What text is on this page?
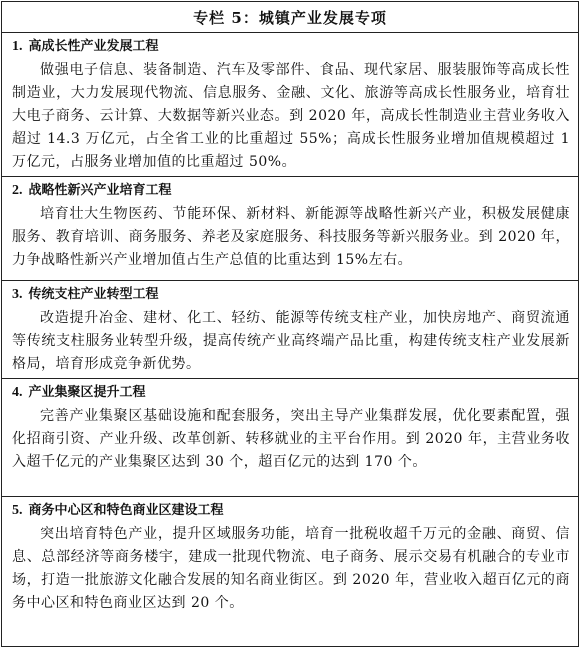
专栏 5：城镇产业发展专项
1. 高成长性产业发展工程
做强电子信息、装备制造、汽车及零部件、食品、现代家居、服装服饰等高成长性制造业，大力发展现代物流、信息服务、金融、文化、旅游等高成长性服务业，培育壮大电子商务、云计算、大数据等新兴业态。到 2020 年，高成长性制造业主营业务收入超过 14.3 万亿元，占全省工业的比重超过 55%；高成长性服务业增加值规模超过 1 万亿元，占服务业增加值的比重超过 50%。
2. 战略性新兴产业培育工程
培育壮大生物医药、节能环保、新材料、新能源等战略性新兴产业，积极发展健康服务、教育培训、商务服务、养老及家庭服务、科技服务等新兴服务业。到 2020 年，力争战略性新兴产业增加值占生产总值的比重达到 15%左右。
3. 传统支柱产业转型工程
改造提升冶金、建材、化工、轻纺、能源等传统支柱产业，加快房地产、商贸流通等传统支柱服务业转型升级，提高传统产业高终端产品比重，构建传统支柱产业发展新格局，培育形成竞争新优势。
4. 产业集聚区提升工程
完善产业集聚区基础设施和配套服务，突出主导产业集群发展，优化要素配置，强化招商引资、产业升级、改革创新、转移就业的主平台作用。到 2020 年，主营业务收入超千亿元的产业集聚区达到 30 个，超百亿元的达到 170 个。
5. 商务中心区和特色商业区建设工程
突出培育特色产业，提升区域服务功能，培育一批税收超千万元的金融、商贸、信息、总部经济等商务楼宇，建成一批现代物流、电子商务、展示交易有机融合的专业市场，打造一批旅游文化融合发展的知名商业街区。到 2020 年，营业收入超百亿元的商务中心区和特色商业区达到 20 个。
